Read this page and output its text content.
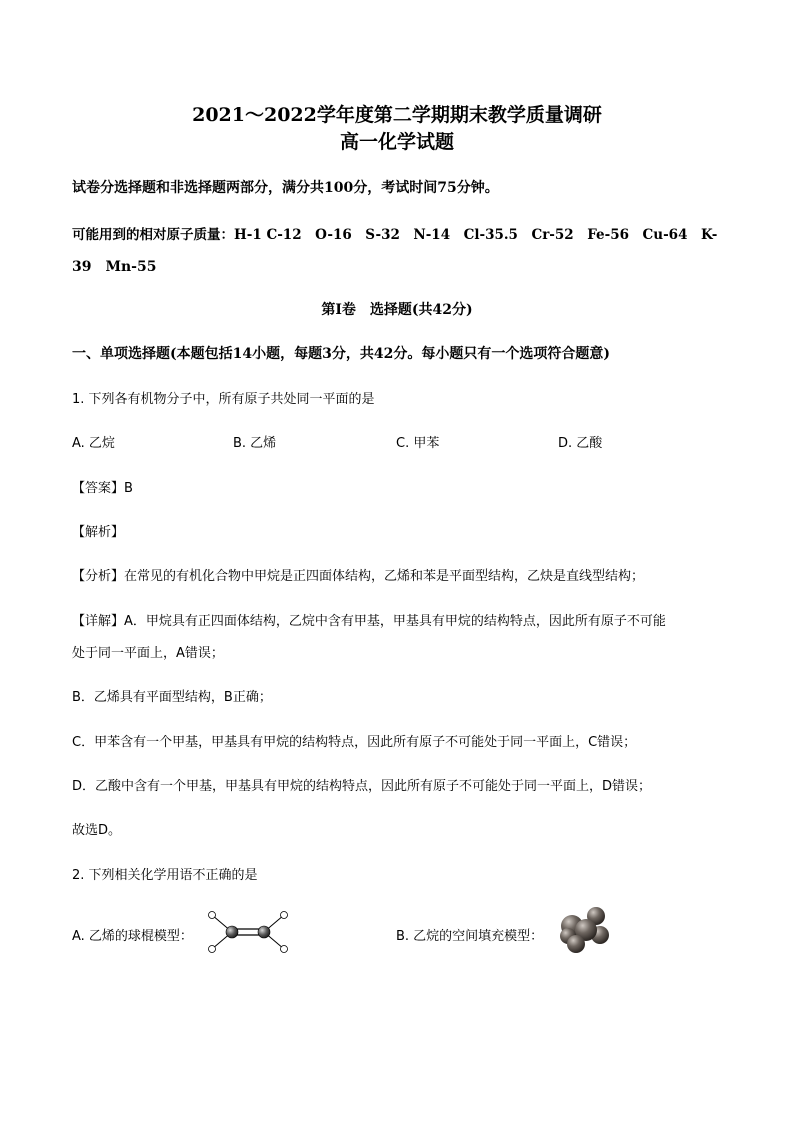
2021～2022学年度第二学期期末教学质量调研
高一化学试题
试卷分选择题和非选择题两部分，满分共100分，考试时间75分钟。
可能用到的相对原子质量：H-1 C-12　O-16　S-32　N-14　Cl-35.5　Cr-52　Fe-56　Cu-64　K-
39　Mn-55
第I卷　选择题(共42分)
一、单项选择题(本题包括14小题，每题3分，共42分。每小题只有一个选项符合题意)
1. 下列各有机物分子中，所有原子共处同一平面的是
A. 乙烷	B. 乙烯	C. 甲苯	D. 乙酸
【答案】B
【解析】
【分析】在常见的有机化合物中甲烷是正四面体结构，乙烯和苯是平面型结构，乙炔是直线型结构；
【详解】A．甲烷具有正四面体结构，乙烷中含有甲基，甲基具有甲烷的结构特点，因此所有原子不可能
处于同一平面上，A错误；
B．乙烯具有平面型结构，B正确；
C．甲苯含有一个甲基，甲基具有甲烷的结构特点，因此所有原子不可能处于同一平面上，C错误；
D．乙酸中含有一个甲基，甲基具有甲烷的结构特点，因此所有原子不可能处于同一平面上，D错误；
故选D。
2. 下列相关化学用语不正确的是
A. 乙烯的球棍模型：	B. 乙烷的空间填充模型：
